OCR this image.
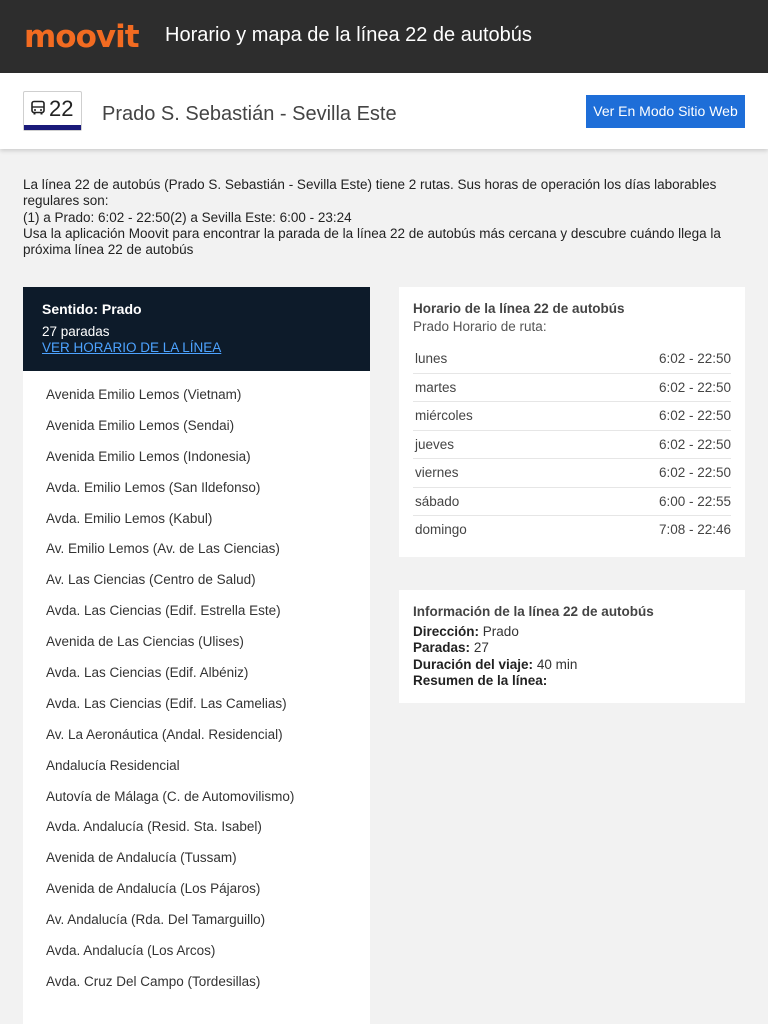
moovit Horario y mapa de la línea 22 de autobús
22 Prado S. Sebastián - Sevilla Este	Ver En Modo Sitio Web
La línea 22 de autobús (Prado S. Sebastián - Sevilla Este) tiene 2 rutas. Sus horas de operación los días laborables regulares son:
(1) a Prado: 6:02 - 22:50(2) a Sevilla Este: 6:00 - 23:24
Usa la aplicación Moovit para encontrar la parada de la línea 22 de autobús más cercana y descubre cuándo llega la próxima línea 22 de autobús
Sentido: Prado
27 paradas
VER HORARIO DE LA LÍNEA
Avenida Emilio Lemos (Vietnam)
Avenida Emilio Lemos (Sendai)
Avenida Emilio Lemos (Indonesia)
Avda. Emilio Lemos (San Ildefonso)
Avda. Emilio Lemos (Kabul)
Av. Emilio Lemos (Av. de Las Ciencias)
Av. Las Ciencias (Centro de Salud)
Avda. Las Ciencias (Edif. Estrella Este)
Avenida de Las Ciencias (Ulises)
Avda. Las Ciencias (Edif. Albéniz)
Avda. Las Ciencias (Edif. Las Camelias)
Av. La Aeronáutica (Andal. Residencial)
Andalucía Residencial
Autovía de Málaga (C. de Automovilismo)
Avda. Andalucía (Resid. Sta. Isabel)
Avenida de Andalucía (Tussam)
Avenida de Andalucía (Los Pájaros)
Av. Andalucía (Rda. Del Tamarguillo)
Avda. Andalucía (Los Arcos)
Avda. Cruz Del Campo (Tordesillas)
Horario de la línea 22 de autobús
Prado Horario de ruta:
lunes	6:02 - 22:50
martes	6:02 - 22:50
miércoles	6:02 - 22:50
jueves	6:02 - 22:50
viernes	6:02 - 22:50
sábado	6:00 - 22:55
domingo	7:08 - 22:46
Información de la línea 22 de autobús
Dirección: Prado
Paradas: 27
Duración del viaje: 40 min
Resumen de la línea:
